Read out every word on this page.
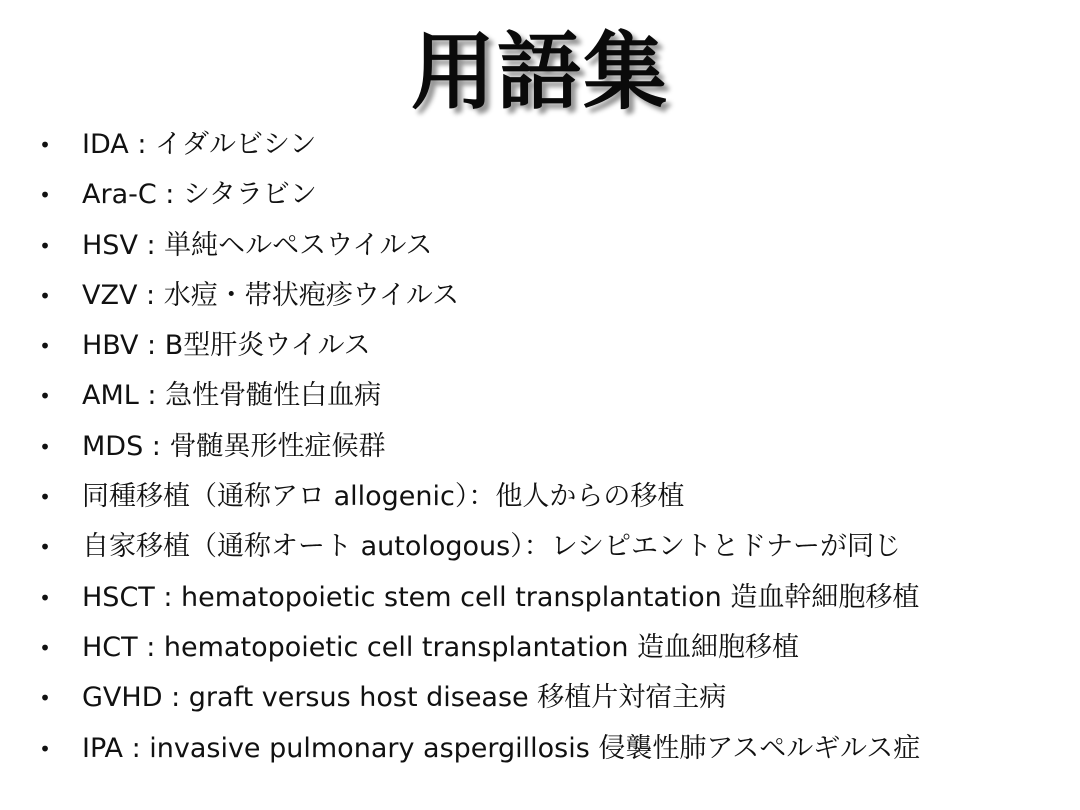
用語集
• IDA : イダルビシン
• Ara-C : シタラビン
• HSV : 単純ヘルペスウイルス
• VZV : 水痘・帯状疱疹ウイルス
• HBV : B型肝炎ウイルス
• AML : 急性骨髄性白血病
• MDS : 骨髄異形性症候群
• 同種移植（通称アロ allogenic）：他人からの移植
• 自家移植（通称オート autologous）：レシピエントとドナーが同じ
• HSCT : hematopoietic stem cell transplantation 造血幹細胞移植
• HCT : hematopoietic cell transplantation 造血細胞移植
• GVHD : graft versus host disease 移植片対宿主病
• IPA : invasive pulmonary aspergillosis 侵襲性肺アスペルギルス症
